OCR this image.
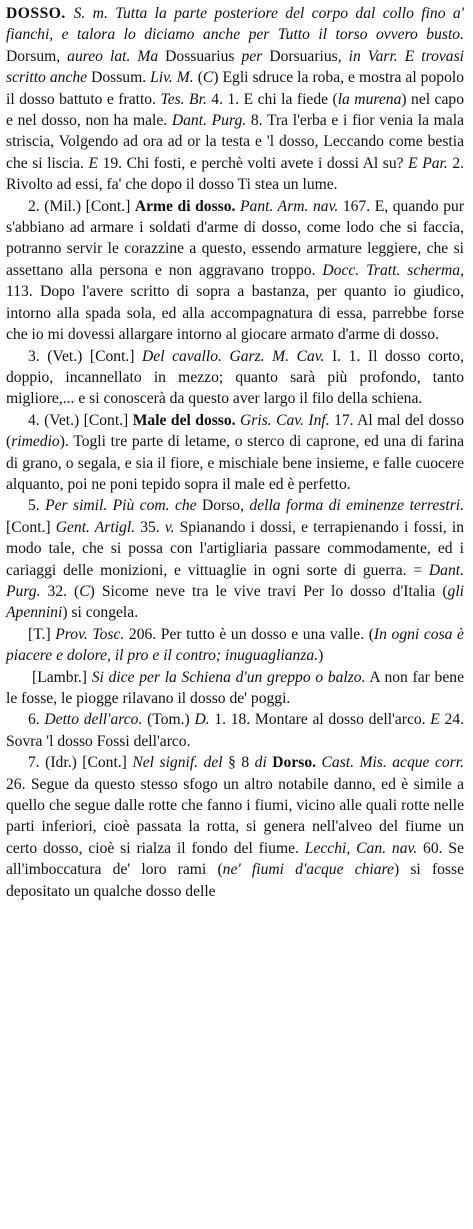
DOSSO. S. m. Tutta la parte posteriore del corpo dal collo fino a' fianchi, e talora lo diciamo anche per Tutto il torso ovvero busto. Dorsum, aureo lat. Ma Dossuarius per Dorsuarius, in Varr. E trovasi scritto anche Dossum. Liv. M. (C) Egli sdruce la roba, e mostra al popolo il dosso battuto e fratto. Tes. Br. 4. 1. E chi la fiede (la murena) nel capo e nel dosso, non ha male. Dant. Purg. 8. Tra l'erba e i fior venia la mala striscia, Volgendo ad ora ad or la testa e 'l dosso, Leccando come bestia che si liscia. E 19. Chi fosti, e perchè volti avete i dossi Al su? E Par. 2. Rivolto ad essi, fa' che dopo il dosso Ti stea un lume.

2. (Mil.) [Cont.] Arme di dosso. Pant. Arm. nav. 167. E, quando pur s'abbiano ad armare i soldati d'arme di dosso, come lodo che si faccia, potranno servir le corazzine a questo, essendo armature leggiere, che si assettano alla persona e non aggravano troppo. Docc. Tratt. scherma, 113. Dopo l'avere scritto di sopra a bastanza, per quanto io giudico, intorno alla spada sola, ed alla accompagnatura di essa, parrebbe forse che io mi dovessi allargare intorno al giocare armato d'arme di dosso.

3. (Vet.) [Cont.] Del cavallo. Garz. M. Cav. I. 1. Il dosso corto, doppio, incannellato in mezzo; quanto sarà più profondo, tanto migliore,... e si conoscerà da questo aver largo il filo della schiena.

4. (Vet.) [Cont.] Male del dosso. Gris. Cav. Inf. 17. Al mal del dosso (rimedio). Togli tre parte di letame, o sterco di caprone, ed una di farina di grano, o segala, e sia il fiore, e mischiale bene insieme, e falle cuocere alquanto, poi ne poni tepido sopra il male ed è perfetto.

5. Per simil. Più com. che Dorso, della forma di eminenze terrestri. [Cont.] Gent. Artigl. 35. v. Spianando i dossi, e terrapienando i fossi, in modo tale, che si possa con l'artigliaria passare commodamente, ed i cariaggi delle monizioni, e vittuaglie in ogni sorte di guerra. = Dant. Purg. 32. (C) Sicome neve tra le vive travi Per lo dosso d'Italia (gli Apennini) si congela.

[T.] Prov. Tosc. 206. Per tutto è un dosso e una valle. (In ogni cosa è piacere e dolore, il pro e il contro; inuguaglianza.)

[Lambr.] Si dice per la Schiena d'un greppo o balzo. A non far bene le fosse, le piogge rilavano il dosso de' poggi.

6. Detto dell'arco. (Tom.) D. 1. 18. Montare al dosso dell'arco. E 24. Sovra 'l dosso Fossi dell'arco.

7. (Idr.) [Cont.] Nel signif. del § 8 di Dorso. Cast. Mis. acque corr. 26. Segue da questo stesso sfogo un altro notabile danno, ed è simile a quello che segue dalle rotte che fanno i fiumi, vicino alle quali rotte nelle parti inferiori, cioè passata la rotta, si genera nell'alveo del fiume un certo dosso, cioè si rialza il fondo del fiume. Lecchi, Can. nav. 60. Se all'imboccatura de' loro rami (ne' fiumi d'acque chiare) si fosse depositato un qualche dosso delle
